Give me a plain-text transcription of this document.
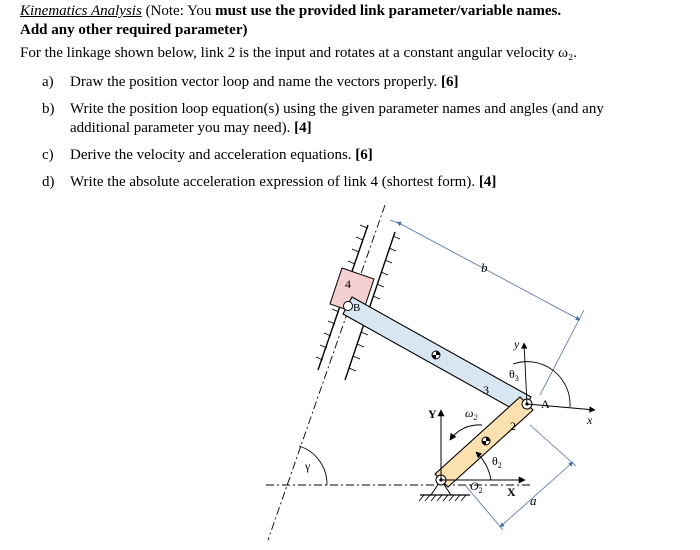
Kinematics Analysis (Note: You must use the provided link parameter/variable names.
Add any other required parameter)
For the linkage shown below, link 2 is the input and rotates at a constant angular velocity ω₂.
a) Draw the position vector loop and name the vectors properly. [6]
b) Write the position loop equation(s) using the given parameter names and angles (and any additional parameter you may need). [4]
c) Derive the velocity and acceleration equations. [6]
d) Write the absolute acceleration expression of link 4 (shortest form). [4]
4
b
a
3
B
2
A
y
x
$\theta_3$
$O_2$
Y
X
$\omega_2$
$\theta_2$
γ
